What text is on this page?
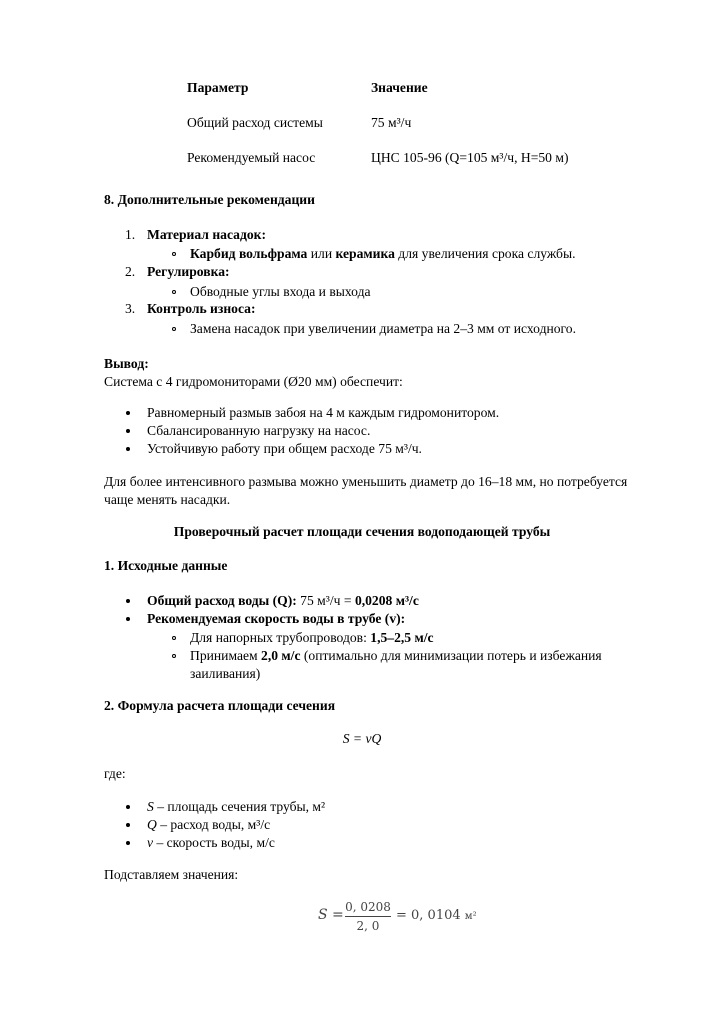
Параметр	Значение
Общий расход системы	75 м³/ч
Рекомендуемый насос	ЦНС 105-96 (Q=105 м³/ч, H=50 м)
8. Дополнительные рекомендации
1. Материал насадок:
Карбид вольфрама или керамика для увеличения срока службы.
2. Регулировка:
Обводные углы входа и выхода
3. Контроль износа:
Замена насадок при увеличении диаметра на 2–3 мм от исходного.
Вывод:
Система с 4 гидромониторами (Ø20 мм) обеспечит:
Равномерный размыв забоя на 4 м каждым гидромонитором.
Сбалансированную нагрузку на насос.
Устойчивую работу при общем расходе 75 м³/ч.
Для более интенсивного размыва можно уменьшить диаметр до 16–18 мм, но потребуется
чаще менять насадки.
Проверочный расчет площади сечения водоподающей трубы
1. Исходные данные
Общий расход воды (Q): 75 м³/ч = 0,0208 м³/с
Рекомендуемая скорость воды в трубе (v):
Для напорных трубопроводов: 1,5–2,5 м/с
Принимаем 2,0 м/с (оптимально для минимизации потерь и избежания
заиливания)
2. Формула расчета площади сечения
S = vQ
где:
S – площадь сечения трубы, м²
Q – расход воды, м³/с
v – скорость воды, м/с
Подставляем значения:
S = 0, 0208
2, 0
= 0, 0104 м²
